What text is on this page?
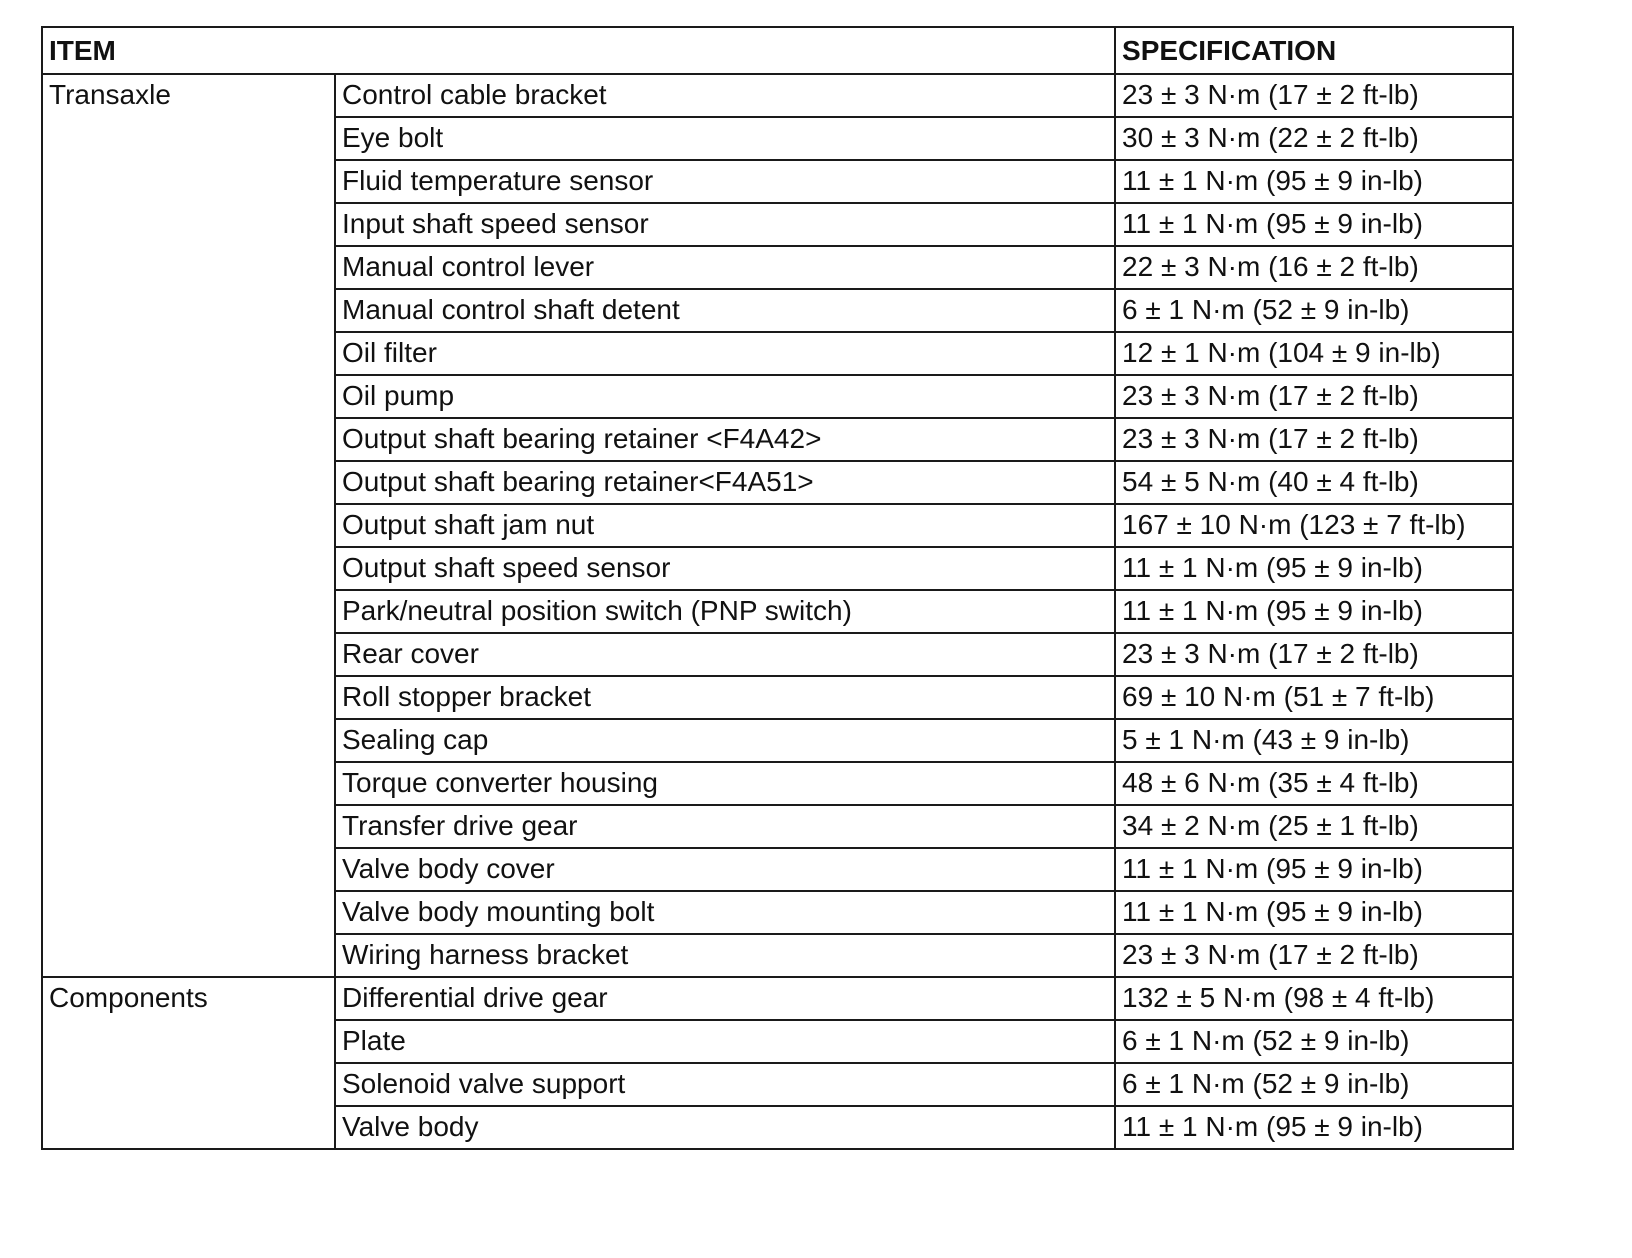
ITEM		SPECIFICATION
Transaxle	Control cable bracket	23 ± 3 N·m (17 ± 2 ft-lb)
	Eye bolt	30 ± 3 N·m (22 ± 2 ft-lb)
	Fluid temperature sensor	11 ± 1 N·m (95 ± 9 in-lb)
	Input shaft speed sensor	11 ± 1 N·m (95 ± 9 in-lb)
	Manual control lever	22 ± 3 N·m (16 ± 2 ft-lb)
	Manual control shaft detent	6 ± 1 N·m (52 ± 9 in-lb)
	Oil filter	12 ± 1 N·m (104 ± 9 in-lb)
	Oil pump	23 ± 3 N·m (17 ± 2 ft-lb)
	Output shaft bearing retainer <F4A42>	23 ± 3 N·m (17 ± 2 ft-lb)
	Output shaft bearing retainer<F4A51>	54 ± 5 N·m (40 ± 4 ft-lb)
	Output shaft jam nut	167 ± 10 N·m (123 ± 7 ft-lb)
	Output shaft speed sensor	11 ± 1 N·m (95 ± 9 in-lb)
	Park/neutral position switch (PNP switch)	11 ± 1 N·m (95 ± 9 in-lb)
	Rear cover	23 ± 3 N·m (17 ± 2 ft-lb)
	Roll stopper bracket	69 ± 10 N·m (51 ± 7 ft-lb)
	Sealing cap	5 ± 1 N·m (43 ± 9 in-lb)
	Torque converter housing	48 ± 6 N·m (35 ± 4 ft-lb)
	Transfer drive gear	34 ± 2 N·m (25 ± 1 ft-lb)
	Valve body cover	11 ± 1 N·m (95 ± 9 in-lb)
	Valve body mounting bolt	11 ± 1 N·m (95 ± 9 in-lb)
	Wiring harness bracket	23 ± 3 N·m (17 ± 2 ft-lb)
Components	Differential drive gear	132 ± 5 N·m (98 ± 4 ft-lb)
	Plate	6 ± 1 N·m (52 ± 9 in-lb)
	Solenoid valve support	6 ± 1 N·m (52 ± 9 in-lb)
	Valve body	11 ± 1 N·m (95 ± 9 in-lb)
